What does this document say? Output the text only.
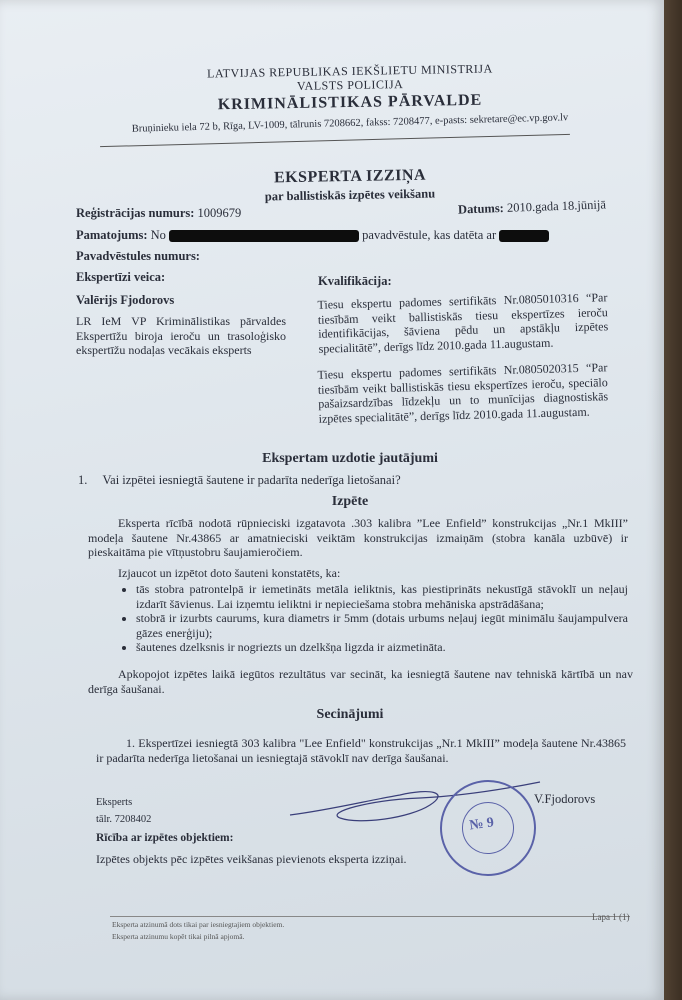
LATVIJAS REPUBLIKAS IEKŠLIETU MINISTRIJA
VALSTS POLICIJA
KRIMINĀLISTIKAS PĀRVALDE
Bruņinieku iela 72 b, Rīga, LV-1009, tālrunis 7208662, fakss: 7208477, e-pasts: sekretare@ec.vp.gov.lv
EKSPERTA IZZIŅA
par ballistiskās izpētes veikšanu
Reģistrācijas numurs: 1009679	Datums: 2010.gada 18.jūnijā
Pamatojums: No	pavadvēstule, kas datēta ar
Pavadvēstules numurs:
Ekspertīzi veica:
Valērijs Fjodorovs
LR IeM VP Kriminālistikas pārvaldes Ekspertīžu biroja ieroču un trasoloģisko ekspertīžu nodaļas vecākais eksperts
Kvalifikācija:
Tiesu ekspertu padomes sertifikāts Nr.0805010316 “Par tiesībām veikt ballistiskās tiesu ekspertīzes ieroču identifikācijas, šāviena pēdu un apstākļu izpētes specialitātē”, derīgs līdz 2010.gada 11.augustam.
Tiesu ekspertu padomes sertifikāts Nr.0805020315 “Par tiesībām veikt ballistiskās tiesu ekspertīzes ieroču, speciālo pašaizsardzības līdzekļu un to munīcijas diagnostiskās izpētes specialitātē”, derīgs līdz 2010.gada 11.augustam.
Ekspertam uzdotie jautājumi
1. Vai izpētei iesniegtā šautene ir padarīta nederīga lietošanai?
Izpēte
Eksperta rīcībā nodotā rūpnieciski izgatavota .303 kalibra ”Lee Enfield” konstrukcijas „Nr.1 MkIII” modeļa šautene Nr.43865 ar amatnieciski veiktām konstrukcijas izmaiņām (stobra kanāla uzbūvē) ir pieskaitāma pie vītņustobru šaujamieročiem.
Izjaucot un izpētot doto šauteni konstatēts, ka:
• tās stobra patrontelpā ir iemetināts metāla ieliktnis, kas piestiprināts nekustīgā stāvoklī un neļauj izdarīt šāvienus. Lai izņemtu ieliktni ir nepieciešama stobra mehāniska apstrādāšana;
• stobrā ir izurbts caurums, kura diametrs ir 5mm (dotais urbums neļauj iegūt minimālu šaujampulvera gāzes enerģiju);
• šautenes dzelksnis ir nogriezts un dzelkšņa ligzda ir aizmetināta.
Apkopojot izpētes laikā iegūtos rezultātus var secināt, ka iesniegtā šautene nav tehniskā kārtībā un nav derīga šaušanai.
Secinājumi
1. Ekspertīzei iesniegtā 303 kalibra "Lee Enfield" konstrukcijas „Nr.1 MkIII” modeļa šautene Nr.43865 ir padarīta nederīga lietošanai un iesniegtajā stāvoklī nav derīga šaušanai.
Eksperts
tālr. 7208402
V.Fjodorovs
№ 9
Rīcība ar izpētes objektiem:
Izpētes objekts pēc izpētes veikšanas pievienots eksperta izziņai.
Eksperta atzinumā dots tikai par iesniegtajiem objektiem.
Eksperta atzinumu kopēt tikai pilnā apjomā.
Lapa 1 (1)
